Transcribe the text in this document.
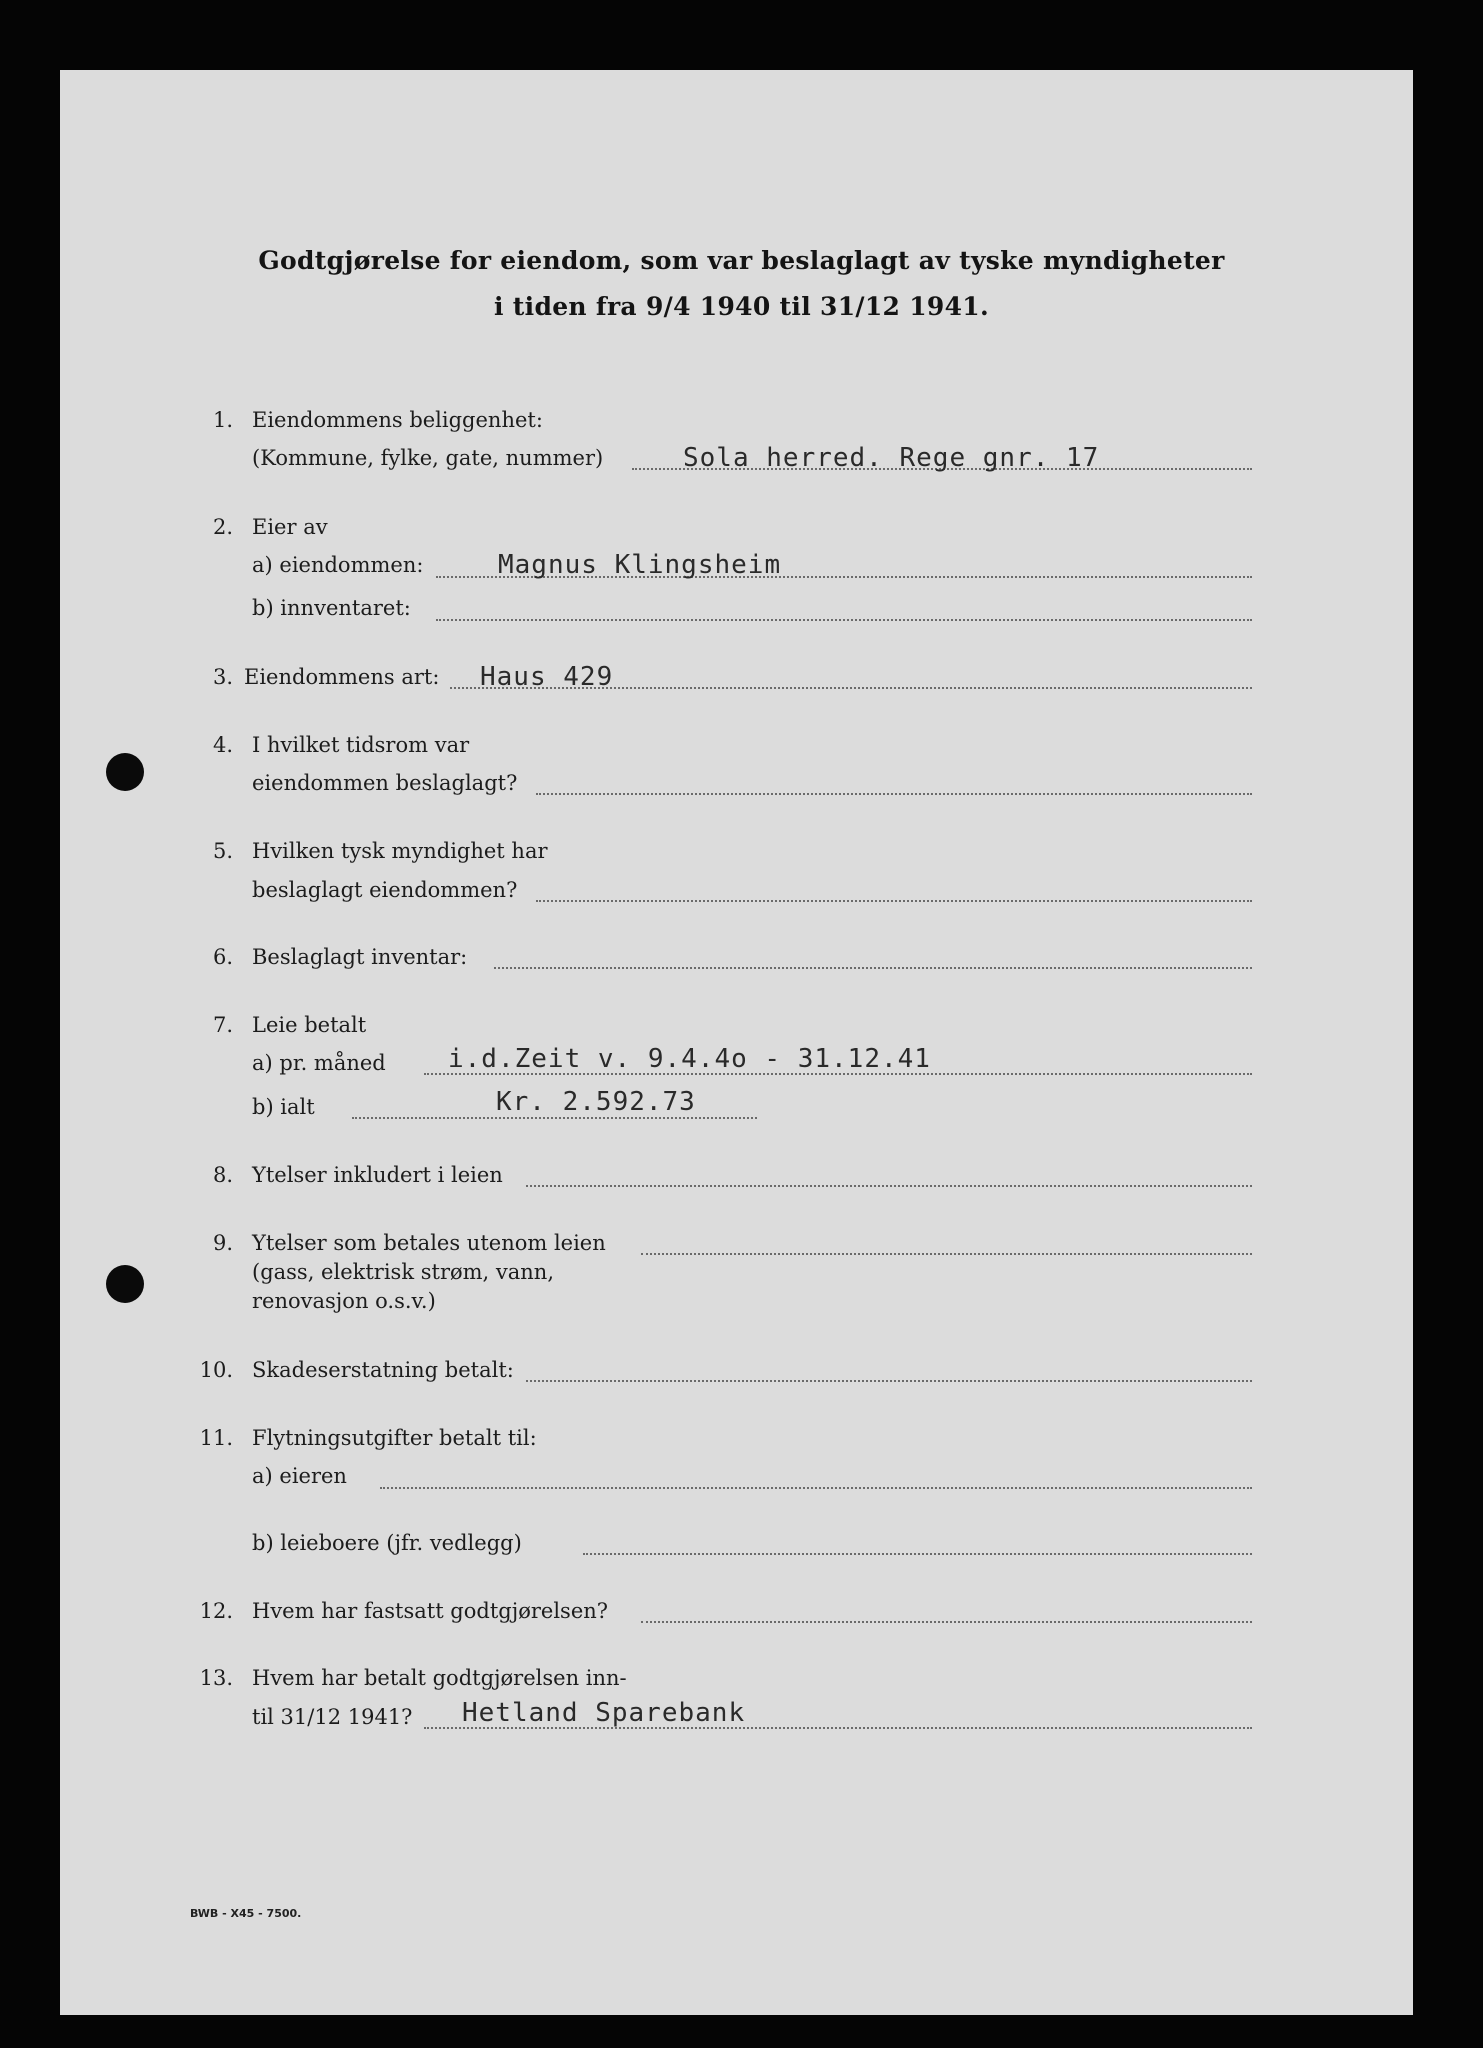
Godtgjørelse for eiendom, som var beslaglagt av tyske myndigheter
i tiden fra 9/4 1940 til 31/12 1941.
1. Eiendommens beliggenhet:
(Kommune, fylke, gate, nummer)	Sola herred. Rege gnr. 17
2. Eier av
a) eiendommen:	Magnus Klingsheim
b) innventaret:
3. Eiendommens art: Haus 429
4. I hvilket tidsrom var
eiendommen beslaglagt?
5. Hvilken tysk myndighet har
beslaglagt eiendommen?
6. Beslaglagt inventar:
7. Leie betalt
a) pr. måned i.d.Zeit v. 9.4.4o - 31.12.41
b) ialt	Kr. 2.592.73
8. Ytelser inkludert i leien
9. Ytelser som betales utenom leien
(gass, elektrisk strøm, vann,
renovasjon o.s.v.)
10. Skadeserstatning betalt:
11. Flytningsutgifter betalt til:
a) eieren
b) leieboere (jfr. vedlegg)
12. Hvem har fastsatt godtgjørelsen?
13. Hvem har betalt godtgjørelsen inn-
til 31/12 1941? Hetland Sparebank
BWB - X45 - 7500.
